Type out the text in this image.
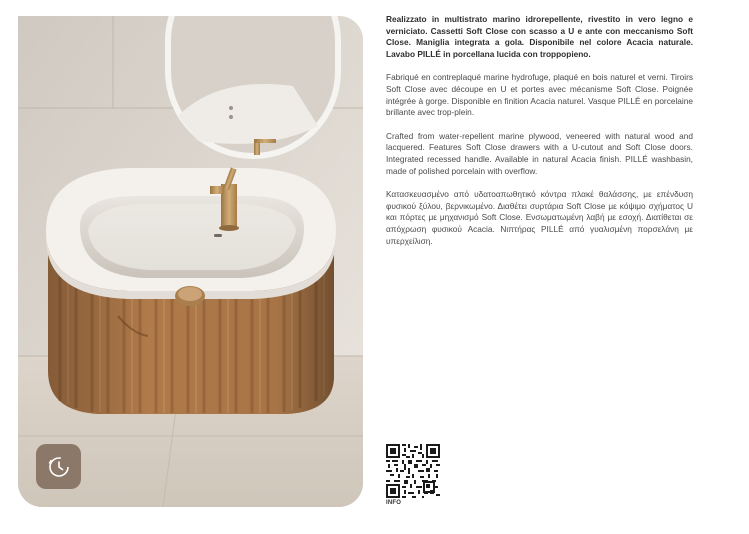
Realizzato in multistrato marino idrorepellente, rivestito in vero legno e verniciato. Cassetti Soft Close con scasso a U e ante con meccanismo Soft Close. Maniglia integrata a gola. Disponibile nel colore Acacia naturale. Lavabo PILLÉ in porcellana lucida con troppopieno.

Fabriqué en contreplaqué marine hydrofuge, plaqué en bois naturel et verni. Tiroirs Soft Close avec découpe en U et portes avec mécanisme Soft Close. Poignée intégrée à gorge. Disponible en finition Acacia naturel. Vasque PILLÉ en porcelaine brillante avec trop-plein.

Crafted from water-repellent marine plywood, veneered with natural wood and lacquered. Features Soft Close drawers with a U-cutout and Soft Close doors. Integrated recessed handle. Available in natural Acacia finish. PILLÉ washbasin, made of polished porcelain with overflow.

Κατασκευασμένο από υδατοαπωθητικό κόντρα πλακέ θαλάσσης, με επένδυση φυσικού ξύλου, βερνικωμένο. Διαθέτει συρτάρια Soft Close με κόψιμο σχήματος U και πόρτες με μηχανισμό Soft Close. Ενσωματωμένη λαβή με εσοχή. Διατίθεται σε απόχρωση φυσικού Acacia. Νιπτήρας PILLÉ από γυαλισμένη πορσελάνη με υπερχείλιση.

INFO
